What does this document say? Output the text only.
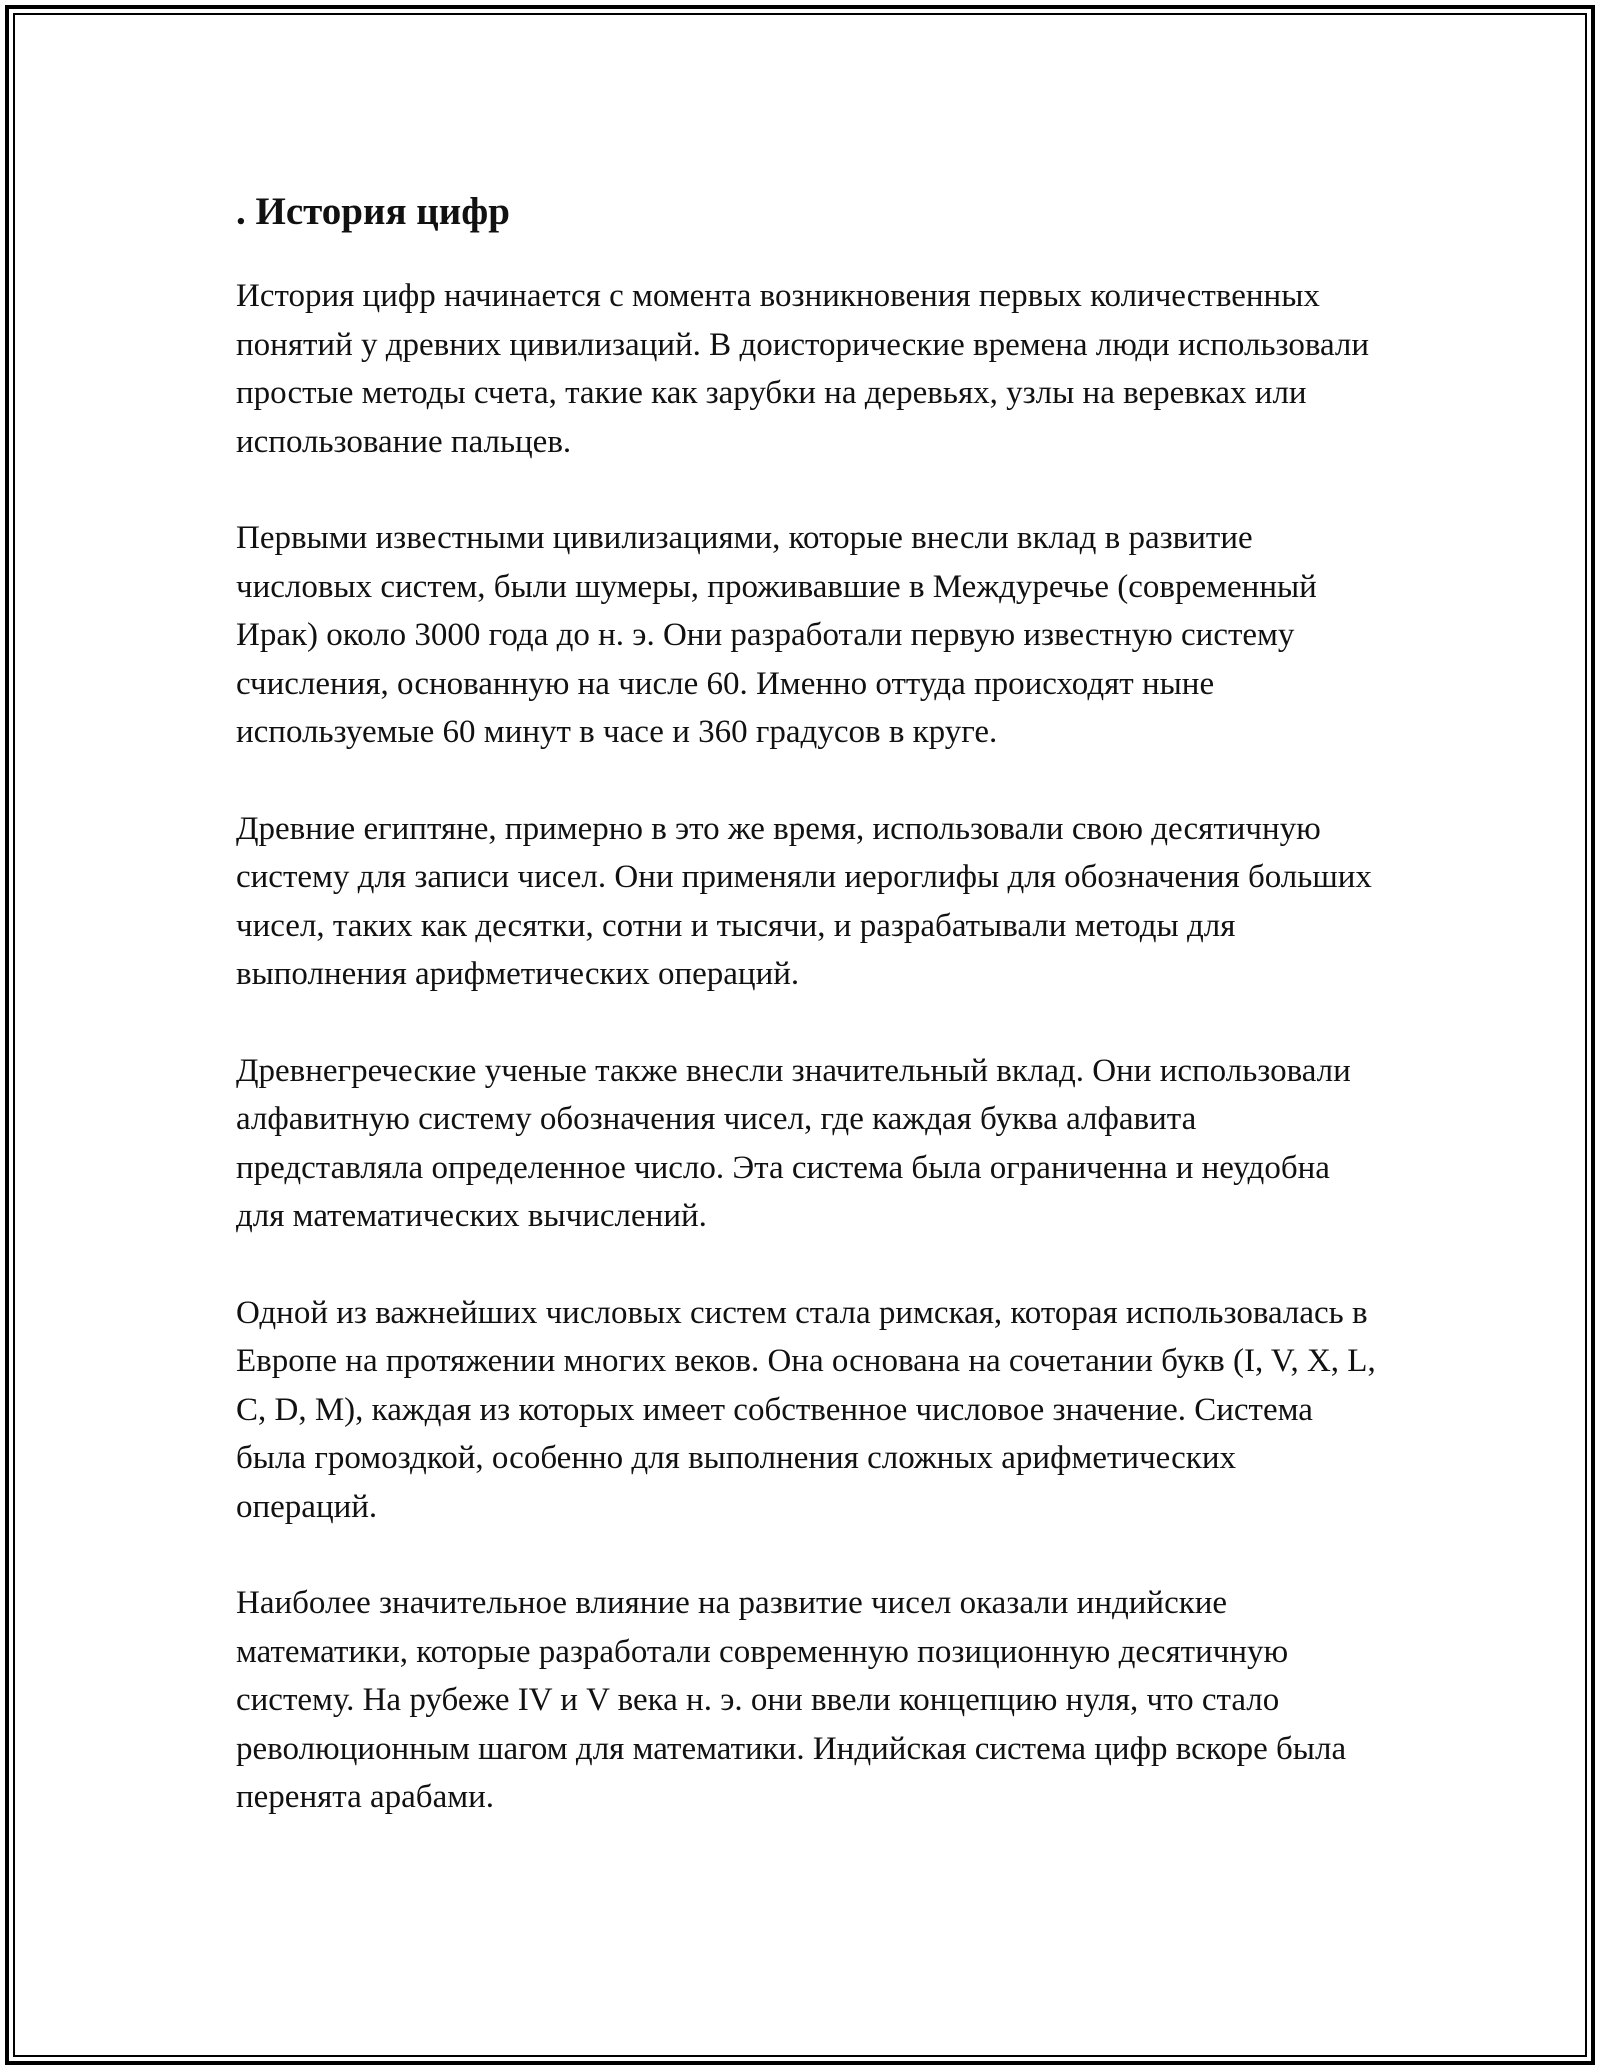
. История цифр

История цифр начинается с момента возникновения первых количественных понятий у древних цивилизаций. В доисторические времена люди использовали простые методы счета, такие как зарубки на деревьях, узлы на веревках или использование пальцев.

Первыми известными цивилизациями, которые внесли вклад в развитие числовых систем, были шумеры, проживавшие в Междуречье (современный Ирак) около 3000 года до н. э. Они разработали первую известную систему счисления, основанную на числе 60. Именно оттуда происходят ныне используемые 60 минут в часе и 360 градусов в круге.

Древние египтяне, примерно в это же время, использовали свою десятичную систему для записи чисел. Они применяли иероглифы для обозначения больших чисел, таких как десятки, сотни и тысячи, и разрабатывали методы для выполнения арифметических операций.

Древнегреческие ученые также внесли значительный вклад. Они использовали алфавитную систему обозначения чисел, где каждая буква алфавита представляла определенное число. Эта система была ограниченна и неудобна для математических вычислений.

Одной из важнейших числовых систем стала римская, которая использовалась в Европе на протяжении многих веков. Она основана на сочетании букв (I, V, X, L, C, D, M), каждая из которых имеет собственное числовое значение. Система была громоздкой, особенно для выполнения сложных арифметических операций.

Наиболее значительное влияние на развитие чисел оказали индийские математики, которые разработали современную позиционную десятичную систему. На рубеже IV и V века н. э. они ввели концепцию нуля, что стало революционным шагом для математики. Индийская система цифр вскоре была перенята арабами.
